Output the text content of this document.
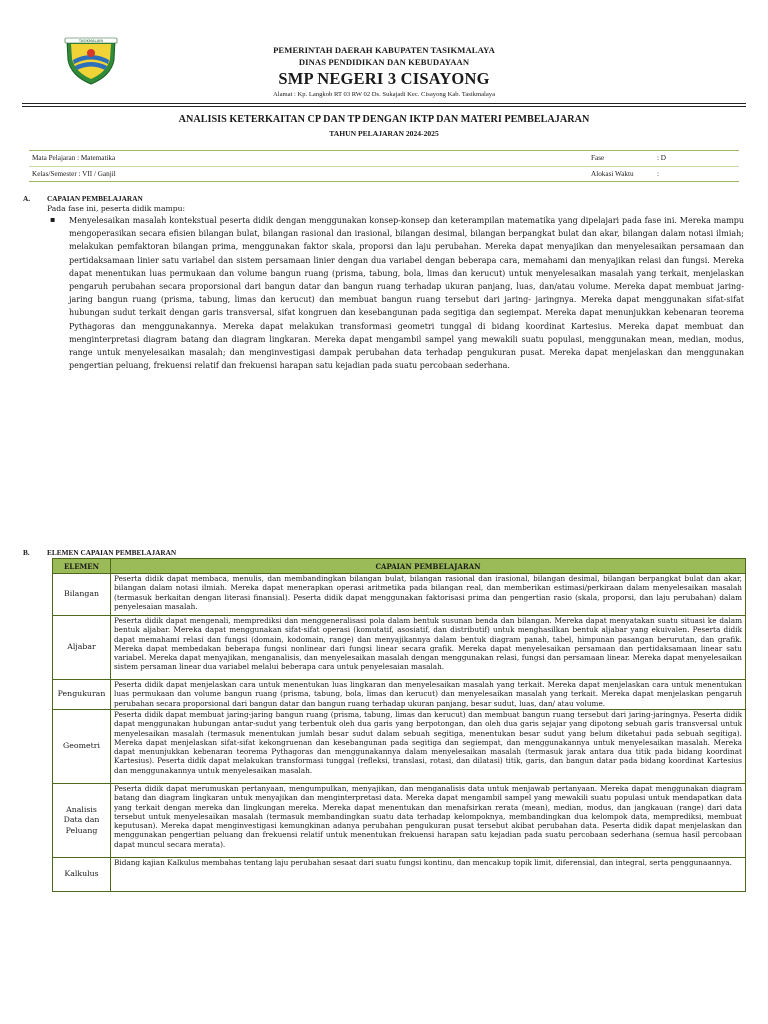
TASIKMALAYA
PEMERINTAH DAERAH KABUPATEN TASIKMALAYA
DINAS PENDIDIKAN DAN KEBUDAYAAN
SMP NEGERI 3 CISAYONG
Alamat : Kp. Langkob RT 03 RW 02 Ds. Sukajadi Kec. Cisayong Kab. Tasikmalaya
ANALISIS KETERKAITAN CP DAN TP DENGAN IKTP DAN MATERI PEMBELAJARAN
TAHUN PELAJARAN 2024-2025
Mata Pelajaran : Matematika	Fase	: D
Kelas/Semester : VII / Ganjil	Alokasi Waktu	:
A. CAPAIAN PEMBELAJARAN
Pada fase ini, peserta didik mampu:
▪ Menyelesaikan masalah kontekstual peserta didik dengan menggunakan konsep-konsep dan keterampilan matematika yang dipelajari pada fase ini. Mereka mampu mengoperasikan secara efisien bilangan bulat, bilangan rasional dan irasional, bilangan desimal, bilangan berpangkat bulat dan akar, bilangan dalam notasi ilmiah; melakukan pemfaktoran bilangan prima, menggunakan faktor skala, proporsi dan laju perubahan. Mereka dapat menyajikan dan menyelesaikan persamaan dan pertidaksamaan linier satu variabel dan sistem persamaan linier dengan dua variabel dengan beberapa cara, memahami dan menyajikan relasi dan fungsi. Mereka dapat menentukan luas permukaan dan volume bangun ruang (prisma, tabung, bola, limas dan kerucut) untuk menyelesaikan masalah yang terkait, menjelaskan pengaruh perubahan secara proporsional dari bangun datar dan bangun ruang terhadap ukuran panjang, luas, dan/atau volume. Mereka dapat membuat jaring-jaring bangun ruang (prisma, tabung, limas dan kerucut) dan membuat bangun ruang tersebut dari jaring- jaringnya. Mereka dapat menggunakan sifat-sifat hubungan sudut terkait dengan garis transversal, sifat kongruen dan kesebangunan pada segitiga dan segiempat. Mereka dapat menunjukkan kebenaran teorema Pythagoras dan menggunakannya. Mereka dapat melakukan transformasi geometri tunggal di bidang koordinat Kartesius. Mereka dapat membuat dan menginterpretasi diagram batang dan diagram lingkaran. Mereka dapat mengambil sampel yang mewakili suatu populasi, menggunakan mean, median, modus, range untuk menyelesaikan masalah; dan menginvestigasi dampak perubahan data terhadap pengukuran pusat. Mereka dapat menjelaskan dan menggunakan pengertian peluang, frekuensi relatif dan frekuensi harapan satu kejadian pada suatu percobaan sederhana.
B. ELEMEN CAPAIAN PEMBELAJARAN
ELEMEN	CAPAIAN PEMBELAJARAN
Bilangan	Peserta didik dapat membaca, menulis, dan membandingkan bilangan bulat, bilangan rasional dan irasional, bilangan desimal, bilangan berpangkat bulat dan akar, bilangan dalam notasi ilmiah. Mereka dapat menerapkan operasi aritmetika pada bilangan real, dan memberikan estimasi/perkiraan dalam menyelesaikan masalah (termasuk berkaitan dengan literasi finansial). Peserta didik dapat menggunakan faktorisasi prima dan pengertian rasio (skala, proporsi, dan laju perubahan) dalam penyelesaian masalah.
Aljabar	Peserta didik dapat mengenali, memprediksi dan menggeneralisasi pola dalam bentuk susunan benda dan bilangan. Mereka dapat menyatakan suatu situasi ke dalam bentuk aljabar. Mereka dapat menggunakan sifat-sifat operasi (komutatif, asosiatif, dan distributif) untuk menghasilkan bentuk aljabar yang ekuivalen. Peserta didik dapat memahami relasi dan fungsi (domain, kodomain, range) dan menyajikannya dalam bentuk diagram panah, tabel, himpunan pasangan berurutan, dan grafik. Mereka dapat membedakan beberapa fungsi nonlinear dari fungsi linear secara grafik. Mereka dapat menyelesaikan persamaan dan pertidaksamaan linear satu variabel. Mereka dapat menyajikan, menganalisis, dan menyelesaikan masalah dengan menggunakan relasi, fungsi dan persamaan linear. Mereka dapat menyelesaikan sistem persaman linear dua variabel melalui beberapa cara untuk penyelesaian masalah.
Pengukuran	Peserta didik dapat menjelaskan cara untuk menentukan luas lingkaran dan menyelesaikan masalah yang terkait. Mereka dapat menjelaskan cara untuk menentukan luas permukaan dan volume bangun ruang (prisma, tabung, bola, limas dan kerucut) dan menyelesaikan masalah yang terkait. Mereka dapat menjelaskan pengaruh perubahan secara proporsional dari bangun datar dan bangun ruang terhadap ukuran panjang, besar sudut, luas, dan/ atau volume.
Geometri	Peserta didik dapat membuat jaring-jaring bangun ruang (prisma, tabung, limas dan kerucut) dan membuat bangun ruang tersebut dari jaring-jaringnya. Peserta didik dapat menggunakan hubungan antar-sudut yang terbentuk oleh dua garis yang berpotongan, dan oleh dua garis sejajar yang dipotong sebuah garis transversal untuk menyelesaikan masalah (termasuk menentukan jumlah besar sudut dalam sebuah segitiga, menentukan besar sudut yang belum diketahui pada sebuah segitiga). Mereka dapat menjelaskan sifat-sifat kekongruenan dan kesebangunan pada segitiga dan segiempat, dan menggunakannya untuk menyelesaikan masalah. Mereka dapat menunjukkan kebenaran teorema Pythagoras dan menggunakannya dalam menyelesaikan masalah (termasuk jarak antara dua titik pada bidang koordinat Kartesius). Peserta didik dapat melakukan transformasi tunggal (refleksi, translasi, rotasi, dan dilatasi) titik, garis, dan bangun datar pada bidang koordinat Kartesius dan menggunakannya untuk menyelesaikan masalah.
Analisis Data dan Peluang	Peserta didik dapat merumuskan pertanyaan, mengumpulkan, menyajikan, dan menganalisis data untuk menjawab pertanyaan. Mereka dapat menggunakan diagram batang dan diagram lingkaran untuk menyajikan dan menginterpretasi data. Mereka dapat mengambil sampel yang mewakili suatu populasi untuk mendapatkan data yang terkait dengan mereka dan lingkungan mereka. Mereka dapat menentukan dan menafsirkan rerata (mean), median, modus, dan jangkauan (range) dari data tersebut untuk menyelesaikan masalah (termasuk membandingkan suatu data terhadap kelompoknya, membandingkan dua kelompok data, memprediksi, membuat keputusan). Mereka dapat menginvestigasi kemungkinan adanya perubahan pengukuran pusat tersebut akibat perubahan data. Peserta didik dapat menjelaskan dan menggunakan pengertian peluang dan frekuensi relatif untuk menentukan frekuensi harapan satu kejadian pada suatu percobaan sederhana (semua hasil percobaan dapat muncul secara merata).
Kalkulus	Bidang kajian Kalkulus membahas tentang laju perubahan sesaat dari suatu fungsi kontinu, dan mencakup topik limit, diferensial, dan integral, serta penggunaannya.
